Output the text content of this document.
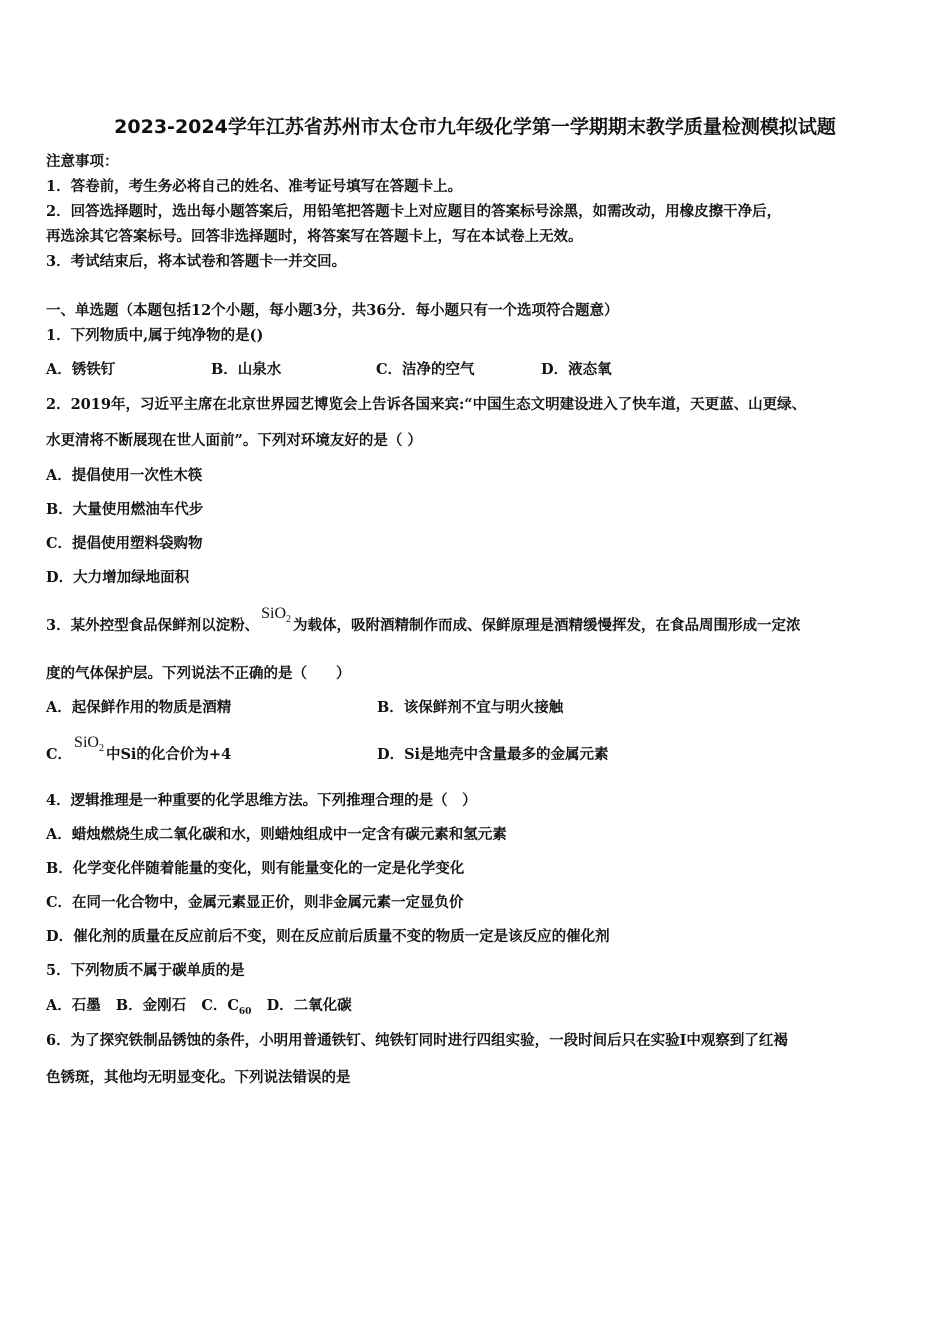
2023-2024学年江苏省苏州市太仓市九年级化学第一学期期末教学质量检测模拟试题
注意事项：
1．答卷前，考生务必将自己的姓名、准考证号填写在答题卡上。
2．回答选择题时，选出每小题答案后，用铅笔把答题卡上对应题目的答案标号涂黑，如需改动，用橡皮擦干净后，
再选涂其它答案标号。回答非选择题时，将答案写在答题卡上，写在本试卷上无效。
3．考试结束后，将本试卷和答题卡一并交回。
一、单选题（本题包括12个小题，每小题3分，共36分．每小题只有一个选项符合题意）
1．下列物质中,属于纯净物的是()
A．锈铁钉	B．山泉水	C．洁净的空气	D．液态氧
2．2019年，习近平主席在北京世界园艺博览会上告诉各国来宾:“中国生态文明建设进入了快车道，天更蓝、山更绿、
水更清将不断展现在世人面前”。下列对环境友好的是（ ）
A．提倡使用一次性木筷
B．大量使用燃油车代步
C．提倡使用塑料袋购物
D．大力增加绿地面积
3．某外控型食品保鲜剂以淀粉、SiO$_2$ 为载体，吸附酒精制作而成、保鲜原理是酒精缓慢挥发，在食品周围形成一定浓
度的气体保护层。下列说法不正确的是（　　）
A．起保鲜作用的物质是酒精	B．该保鲜剂不宜与明火接触
C．SiO$_2$ 中Si的化合价为+4	D．Si是地壳中含量最多的金属元素
4．逻辑推理是一种重要的化学思维方法。下列推理合理的是（　）
A．蜡烛燃烧生成二氧化碳和水，则蜡烛组成中一定含有碳元素和氢元素
B．化学变化伴随着能量的变化，则有能量变化的一定是化学变化
C．在同一化合物中，金属元素显正价，则非金属元素一定显负价
D．催化剂的质量在反应前后不变，则在反应前后质量不变的物质一定是该反应的催化剂
5．下列物质不属于碳单质的是
A．石墨 B．金刚石 C．$C_{60}$ D．二氧化碳
6．为了探究铁制品锈蚀的条件，小明用普通铁钉、纯铁钉同时进行四组实验，一段时间后只在实验Ⅰ中观察到了红褐
色锈斑，其他均无明显变化。下列说法错误的是
